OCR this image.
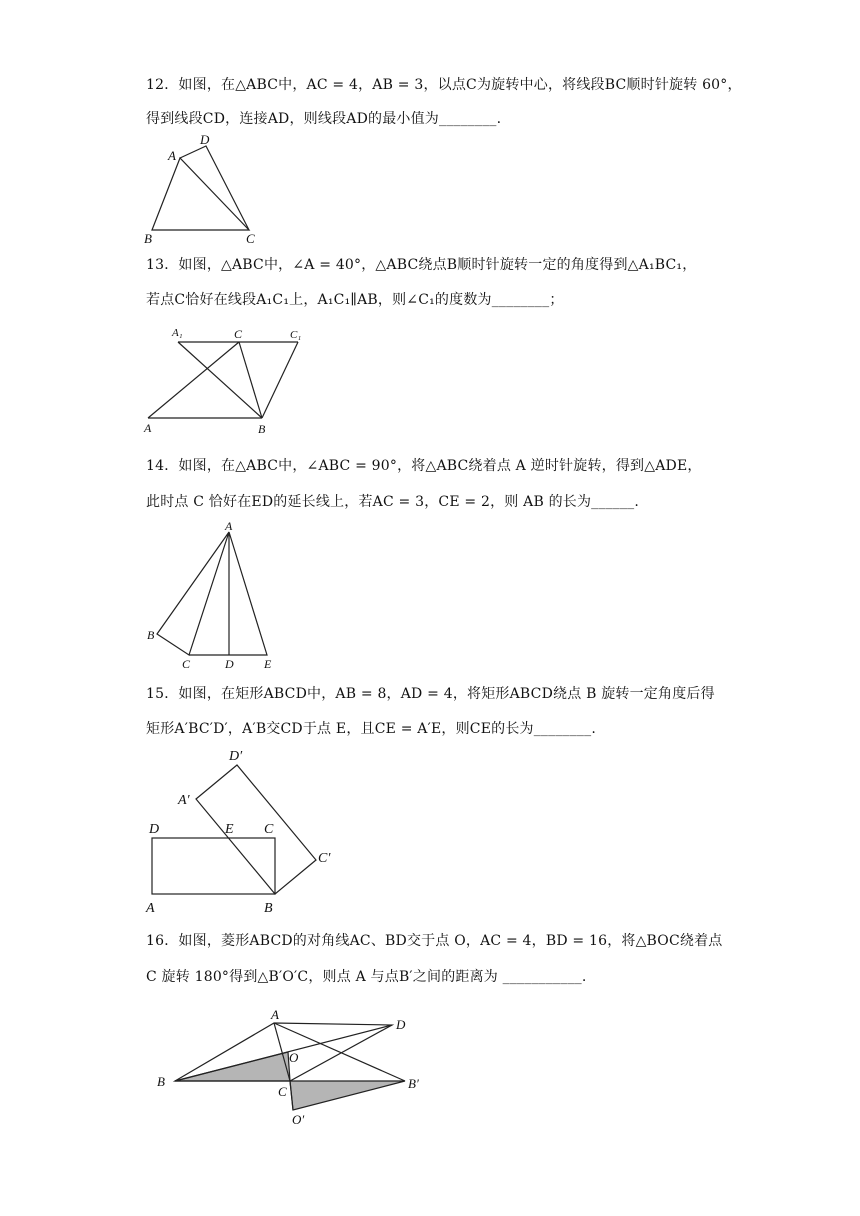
12．如图，在△ABC中，AC = 4，AB = 3，以点C为旋转中心，将线段BC顺时针旋转 60°，
得到线段CD，连接AD，则线段AD的最小值为________.
A
D
B	C
13．如图，△ABC中，∠A = 40°，△ABC绕点B顺时针旋转一定的角度得到△A₁BC₁，
若点C恰好在线段A₁C₁上，A₁C₁∥AB，则∠C₁的度数为________；
A₁	C	C₁
A	B
14．如图，在△ABC中，∠ABC = 90°，将△ABC绕着点 A 逆时针旋转，得到△ADE，
此时点 C 恰好在ED的延长线上，若AC = 3，CE = 2，则 AB 的长为______.
A
B
C	D	E
15．如图，在矩形ABCD中，AB = 8，AD = 4，将矩形ABCD绕点 B 旋转一定角度后得
矩形A′BC′D′，A′B交CD于点 E，且CE = A′E，则CE的长为________.
D′
A′
D	E C
C′
A	B
16．如图，菱形ABCD的对角线AC、BD交于点 O，AC = 4，BD = 16，将△BOC绕着点
C 旋转 180°得到△B′O′C，则点 A 与点B′之间的距离为 ___________.
A
D
O
B
C
B′
O′
